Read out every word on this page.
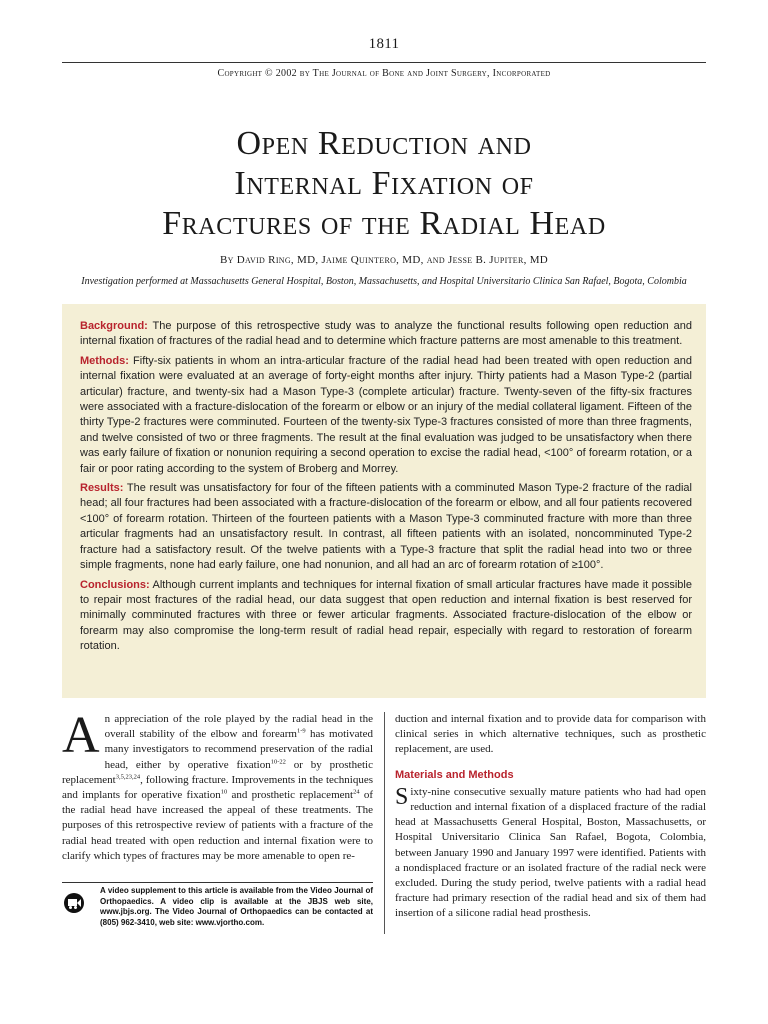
1811
Copyright © 2002 by The Journal of Bone and Joint Surgery, Incorporated
Open Reduction and
Internal Fixation of
Fractures of the Radial Head
By David Ring, MD, Jaime Quintero, MD, and Jesse B. Jupiter, MD
Investigation performed at Massachusetts General Hospital, Boston, Massachusetts, and Hospital Universitario Clinica San Rafael, Bogota, Colombia

Background: The purpose of this retrospective study was to analyze the functional results following open reduction and internal fixation of fractures of the radial head and to determine which fracture patterns are most amenable to this treatment.

Methods: Fifty-six patients in whom an intra-articular fracture of the radial head had been treated with open reduction and internal fixation were evaluated at an average of forty-eight months after injury. Thirty patients had a Mason Type-2 (partial articular) fracture, and twenty-six had a Mason Type-3 (complete articular) fracture. Twenty-seven of the fifty-six fractures were associated with a fracture-dislocation of the forearm or elbow or an injury of the medial collateral ligament. Fifteen of the thirty Type-2 fractures were comminuted. Fourteen of the twenty-six Type-3 fractures consisted of more than three fragments, and twelve consisted of two or three fragments. The result at the final evaluation was judged to be unsatisfactory when there was early failure of fixation or nonunion requiring a second operation to excise the radial head, <100° of forearm rotation, or a fair or poor rating according to the system of Broberg and Morrey.

Results: The result was unsatisfactory for four of the fifteen patients with a comminuted Mason Type-2 fracture of the radial head; all four fractures had been associated with a fracture-dislocation of the forearm or elbow, and all four patients recovered <100° of forearm rotation. Thirteen of the fourteen patients with a Mason Type-3 comminuted fracture with more than three articular fragments had an unsatisfactory result. In contrast, all fifteen patients with an isolated, noncomminuted Type-2 fracture had a satisfactory result. Of the twelve patients with a Type-3 fracture that split the radial head into two or three simple fragments, none had early failure, one had nonunion, and all had an arc of forearm rotation of ≥100°.

Conclusions: Although current implants and techniques for internal fixation of small articular fractures have made it possible to repair most fractures of the radial head, our data suggest that open reduction and internal fixation is best reserved for minimally comminuted fractures with three or fewer articular fragments. Associated fracture-dislocation of the elbow or forearm may also compromise the long-term result of radial head repair, especially with regard to restoration of forearm rotation.

An appreciation of the role played by the radial head in the overall stability of the elbow and forearm$^{1-9}$ has motivated many investigators to recommend preservation of the radial head, either by operative fixation$^{10-22}$ or by prosthetic replacement$^{3,5,23,24}$, following fracture. Improvements in the techniques and implants for operative fixation$^{10}$ and prosthetic replacement$^{24}$ of the radial head have increased the appeal of these treatments. The purposes of this retrospective review of patients with a fracture of the radial head treated with open reduction and internal fixation were to clarify which types of fractures may be more amenable to open re-

A video supplement to this article is available from the Video Journal of Orthopaedics. A video clip is available at the JBJS web site, www.jbjs.org. The Video Journal of Orthopaedics can be contacted at (805) 962-3410, web site: www.vjortho.com.

duction and internal fixation and to provide data for comparison with clinical series in which alternative techniques, such as prosthetic replacement, are used.

Materials and Methods

Sixty-nine consecutive sexually mature patients who had had open reduction and internal fixation of a displaced fracture of the radial head at Massachusetts General Hospital, Boston, Massachusetts, or Hospital Universitario Clinica San Rafael, Bogota, Colombia, between January 1990 and January 1997 were identified. Patients with a nondisplaced fracture or an isolated fracture of the radial neck were excluded. During the study period, twelve patients with a radial head fracture had primary resection of the radial head and six of them had insertion of a silicone radial head prosthesis.
